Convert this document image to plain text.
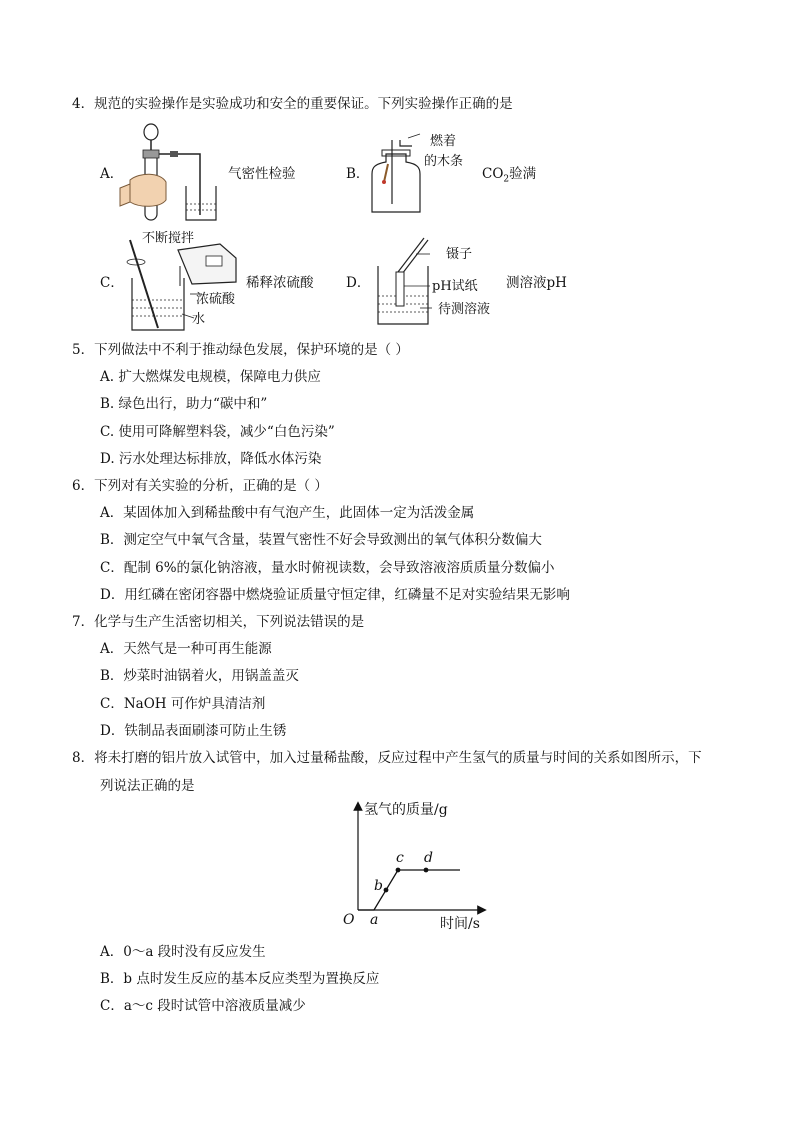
4．规范的实验操作是实验成功和安全的重要保证。下列实验操作正确的是
A．	气密性检验	B．
燃着
的木条
$CO_2$验满
C．
不断搅拌
浓硫酸
水
稀释浓硫酸 D．
镊子
pH试纸
待测溶液
测溶液pH
5．下列做法中不利于推动绿色发展，保护环境的是（ ）
A. 扩大燃煤发电规模，保障电力供应
B. 绿色出行，助力“碳中和”
C. 使用可降解塑料袋，减少“白色污染”
D. 污水处理达标排放，降低水体污染
6．下列对有关实验的分析，正确的是（ ）
A．某固体加入到稀盐酸中有气泡产生，此固体一定为活泼金属
B．测定空气中氧气含量，装置气密性不好会导致测出的氧气体积分数偏大
C．配制 6%的氯化钠溶液，量水时俯视读数，会导致溶液溶质质量分数偏小
D．用红磷在密闭容器中燃烧验证质量守恒定律，红磷量不足对实验结果无影响
7．化学与生产生活密切相关，下列说法错误的是
A．天然气是一种可再生能源
B．炒菜时油锅着火，用锅盖盖灭
C．NaOH 可作炉具清洁剂
D．铁制品表面刷漆可防止生锈
8．将未打磨的铝片放入试管中，加入过量稀盐酸，反应过程中产生氢气的质量与时间的关系如图所示，下
列说法正确的是
氢气的质量/g
时间/s
O a
b
c d
A．0～a 段时没有反应发生
B．b 点时发生反应的基本反应类型为置换反应
C．a～c 段时试管中溶液质量减少
